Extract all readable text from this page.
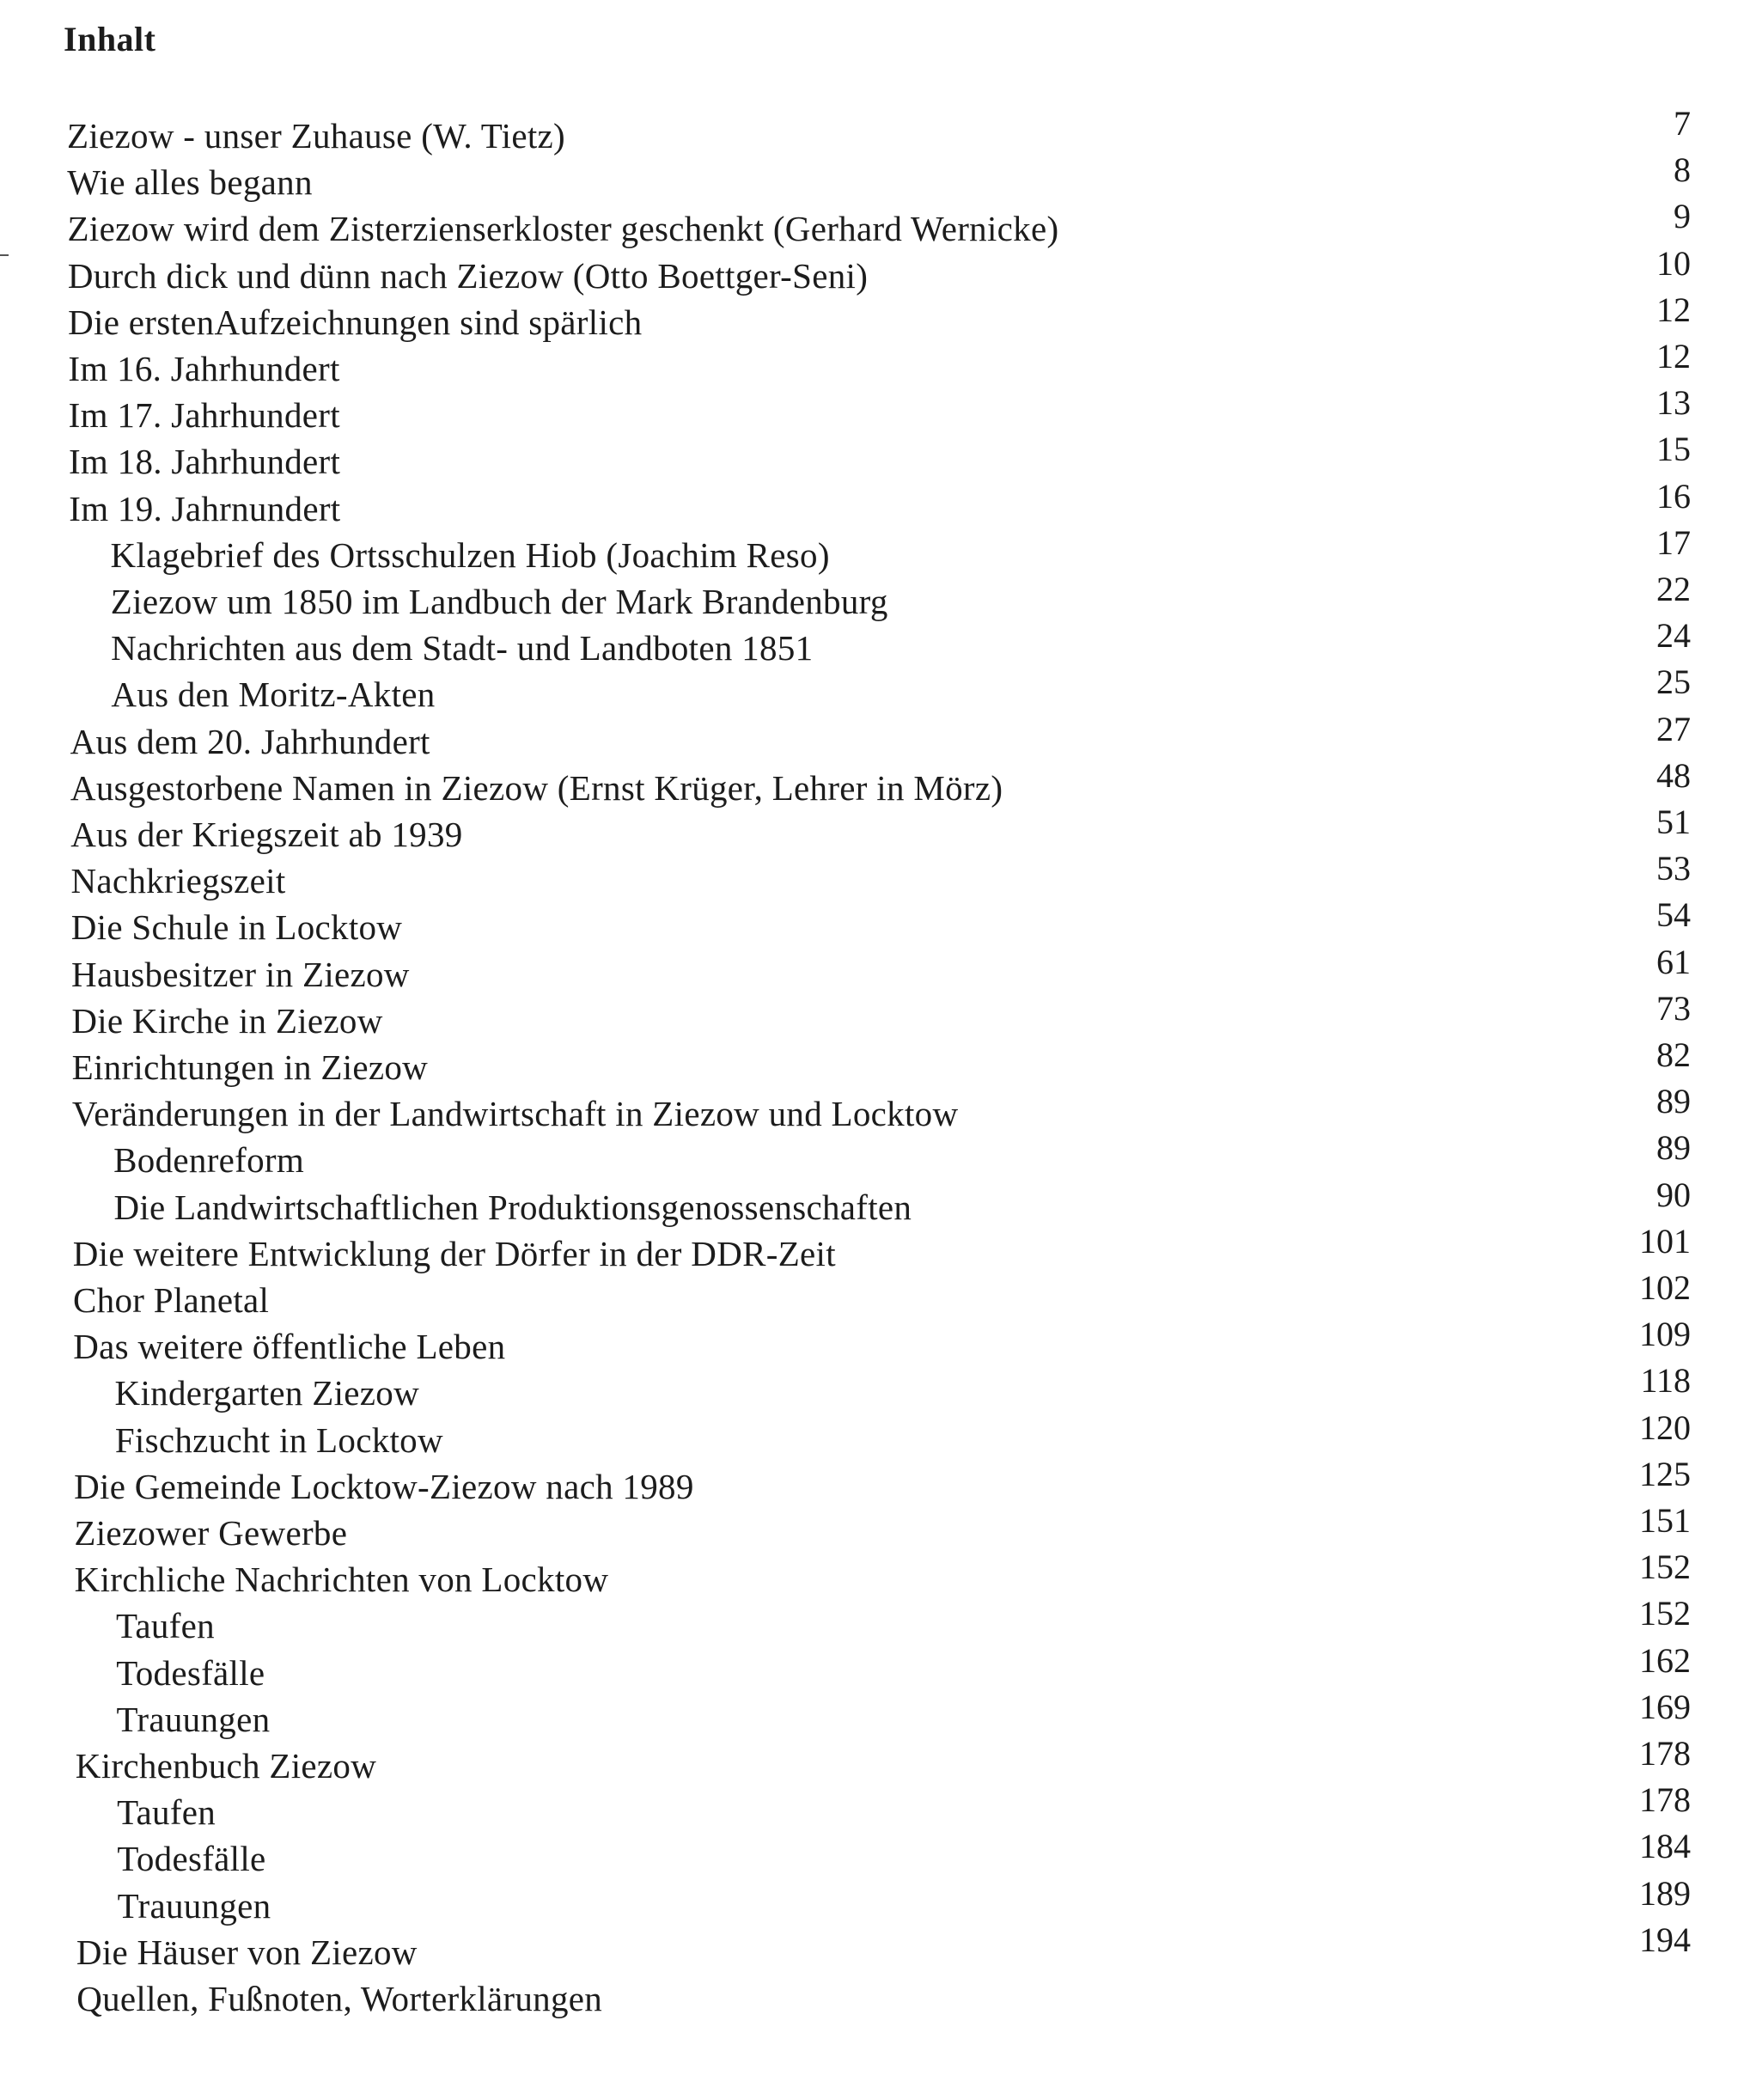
Inhalt
Ziezow - unser Zuhause (W. Tietz)	7
Wie alles begann	8
Ziezow wird dem Zisterzienserkloster geschenkt (Gerhard Wernicke)	9
Durch dick und dünn nach Ziezow (Otto Boettger-Seni)	10
Die erstenAufzeichnungen sind spärlich	12
Im 16. Jahrhundert	12
Im 17. Jahrhundert	13
Im 18. Jahrhundert	15
Im 19. Jahrnundert	16
Klagebrief des Ortsschulzen Hiob (Joachim Reso)	17
Ziezow um 1850 im Landbuch der Mark Brandenburg	22
Nachrichten aus dem Stadt- und Landboten 1851	24
Aus den Moritz-Akten	25
Aus dem 20. Jahrhundert	27
Ausgestorbene Namen in Ziezow (Ernst Krüger, Lehrer in Mörz)	48
Aus der Kriegszeit ab 1939	51
Nachkriegszeit	53
Die Schule in Locktow	54
Hausbesitzer in Ziezow	61
Die Kirche in Ziezow	73
Einrichtungen in Ziezow	82
Veränderungen in der Landwirtschaft in Ziezow und Locktow	89
Bodenreform	89
Die Landwirtschaftlichen Produktionsgenossenschaften	90
Die weitere Entwicklung der Dörfer in der DDR-Zeit	101
Chor Planetal	102
Das weitere öffentliche Leben	109
Kindergarten Ziezow	118
Fischzucht in Locktow	120
Die Gemeinde Locktow-Ziezow nach 1989	125
Ziezower Gewerbe	151
Kirchliche Nachrichten von Locktow	152
Taufen	152
Todesfälle	162
Trauungen	169
Kirchenbuch Ziezow	178
Taufen	178
Todesfälle	184
Trauungen	189
Die Häuser von Ziezow	194
Quellen, Fußnoten, Worterklärungen
